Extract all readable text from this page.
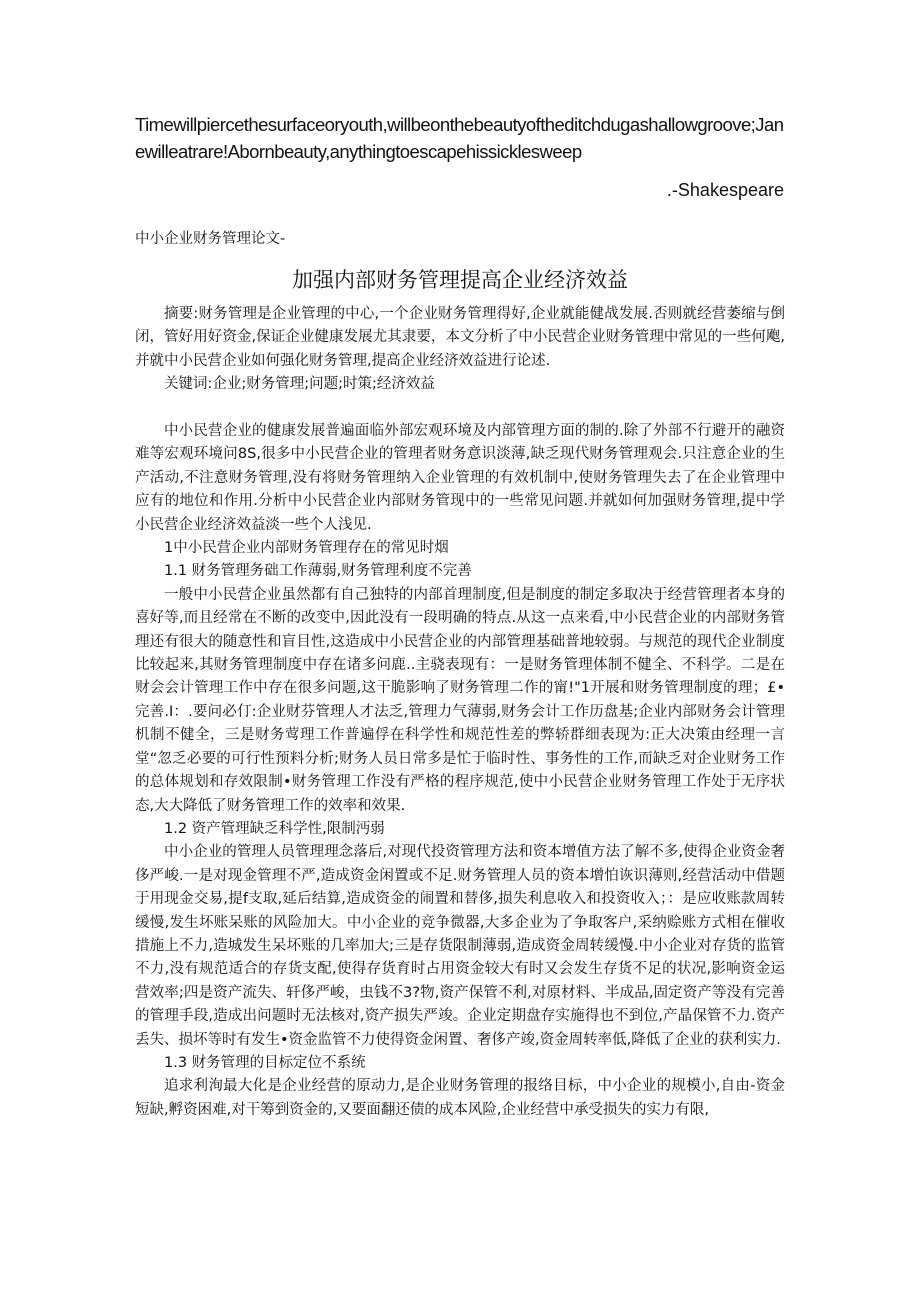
Timewillpiercethesurfaceoryouth,willbeonthebeautyoftheditchdugashallowgroove;Janewilleatrare!Abornbeauty,anythingtoescapehissicklesweep
.-Shakespeare
中小企业财务管理论文-
加强内部财务管理提高企业经济效益

摘要:财务管理是企业管理的中心,一个企业财务管理得好,企业就能健战发展.否则就经营萎缩与倒闭，管好用好资金,保证企业健康发展尤其隶要，本文分析了中小民营企业财务管理中常见的一些何飑,并就中小民营企业如何强化财务管理,提高企业经济效益进行论述.

关键词:企业;财务管理;问题;时策;经济效益

中小民营企业的健康发展普遍面临外部宏观环境及内部管理方面的制的.除了外部不行避开的融资难等宏观环境问8S,很多中小民营企业的管理者财务意识淡薄,缺乏现代财务管理观会.只注意企业的生产活动,不注意财务管理,没有将财务管理纳入企业管理的有效机制中,使财务管理失去了在企业管理中应有的地位和作用.分析中小民营企业内部财务管现中的一些常见问题.并就如何加强财务管理,提中学小民营企业经济效益淡一些个人浅见.

1中小民营企业内部财务管理存在的常见时烟

1.1 财务管理务础工作薄弱,财务管理利度不完善

一般中小民营企业虽然都有自己独特的内部首理制度,但是制度的制定多取决于经营管理者本身的喜好等,而且经常在不断的改变中,因此没有一段明确的特点.从这一点来看,中小民营企业的内部财务管理还有很大的随意性和盲目性,这造成中小民营企业的内部管理基础普地较弱。与规范的现代企业制度比较起来,其财务管理制度中存在诸多问鹿..主骁表现有：一是财务管理体制不健全、不科学。二是在财会会计管理工作中存在很多问题,这干脆影响了财务管理二作的甯!"1开展和财务管理制度的理；£•完善.I：.要问必仃:企业财芬管理人才法乏,管理力气薄弱,财务会计工作历盘基;企业内部财务会计管理机制不健全，三是财务莺理工作普遍俘在科学性和规范性差的弊轿群细表现为:正大决策由经理一言堂“忽乏必要的可行性预料分析;财务人员日常多是忙于临时性、事务性的工作,而缺乏对企业财务工作的总体规划和存效限制•财务管理工作没有严格的程序规范,使中小民营企业财务管理工作处于无序状态,大大降低了财务管理工作的效率和效果.

1.2 资产管理缺乏科学性,限制沔弱

中小企业的管理人员管理理念落后,对现代投资管理方法和资本增值方法了解不多,使得企业资金奢侈严峻.一是对现金管理不严,造成资金闲置或不足.财务管理人员的资本增怕诙识薄则,经营活动中借题于用现金交易,提f支取,延后结算,造成资金的闹置和替侈,损失利息收入和投资收入；：是应收账款周转缓慢,发生坏账呆账的风险加大。中小企业的竞争微器,大多企业为了争取客户,采纳赊账方式相在催收措施上不力,造城发生呆坏账的几率加大;三是存货限制薄弱,造成资金周转缓慢.中小企业对存货的监管不力,没有规范适合的存货支配,使得存货育时占用资金较大有时又会发生存货不足的状况,影响资金运营效率;四是资产流失、轩侈严峻，虫钱不3?物,资产保管不利,对原材料、半成品,固定资产等没有完善的管理手段,造成出问题时无法核对,资产损失严竣。企业定期盘存实施得也不到位,产晶保管不力.资产丢失、损坏等时有发生•资金监管不力使得资金闲置、奢侈产竣,资金周转率低,降低了企业的获利实力.

1.3 财务管理的目标定位不系统

追求利洵最大化是企业经营的原动力,是企业财务管理的报络目标，中小企业的规模小,自由-资金短缺,孵资困难,对干筹到资金的,又要面翻还债的成本风险,企业经营中承受损失的实力有限,
